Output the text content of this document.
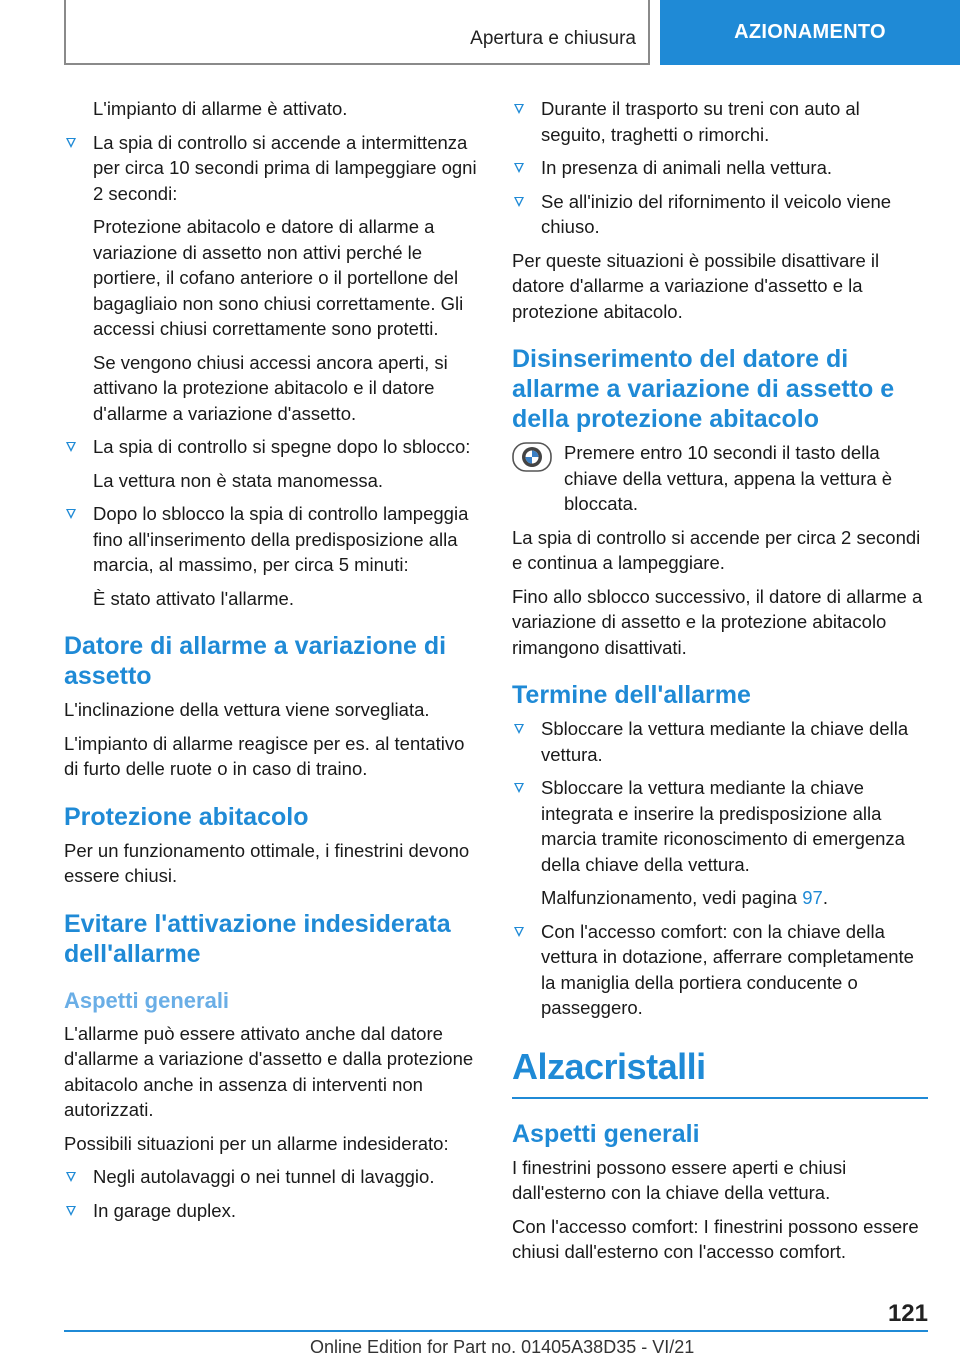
Apertura e chiusura	AZIONAMENTO

L'impianto di allarme è attivato.

La spia di controllo si accende a intermittenza per circa 10 secondi prima di lampeggiare ogni 2 secondi:

Protezione abitacolo e datore di allarme a variazione di assetto non attivi perché le portiere, il cofano anteriore o il portellone del bagagliaio non sono chiusi correttamente. Gli accessi chiusi correttamente sono protetti.

Se vengono chiusi accessi ancora aperti, si attivano la protezione abitacolo e il datore d'allarme a variazione d'assetto.

La spia di controllo si spegne dopo lo sblocco:

La vettura non è stata manomessa.

Dopo lo sblocco la spia di controllo lampeggia fino all'inserimento della predisposizione alla marcia, al massimo, per circa 5 minuti:

È stato attivato l'allarme.

Datore di allarme a variazione di assetto

L'inclinazione della vettura viene sorvegliata.

L'impianto di allarme reagisce per es. al tentativo di furto delle ruote o in caso di traino.

Protezione abitacolo

Per un funzionamento ottimale, i finestrini devono essere chiusi.

Evitare l'attivazione indesiderata dell'allarme
Aspetti generali

L'allarme può essere attivato anche dal datore d'allarme a variazione d'assetto e dalla protezione abitacolo anche in assenza di interventi non autorizzati.

Possibili situazioni per un allarme indesiderato:

Negli autolavaggi o nei tunnel di lavaggio.
In garage duplex.
Durante il trasporto su treni con auto al seguito, traghetti o rimorchi.
In presenza di animali nella vettura.
Se all'inizio del rifornimento il veicolo viene chiuso.

Per queste situazioni è possibile disattivare il datore d'allarme a variazione d'assetto e la protezione abitacolo.

Disinserimento del datore di allarme a variazione di assetto e della protezione abitacolo

Premere entro 10 secondi il tasto della chiave della vettura, appena la vettura è bloccata.

La spia di controllo si accende per circa 2 secondi e continua a lampeggiare.

Fino allo sblocco successivo, il datore di allarme a variazione di assetto e la protezione abitacolo rimangono disattivati.

Termine dell'allarme
Sbloccare la vettura mediante la chiave della vettura.
Sbloccare la vettura mediante la chiave integrata e inserire la predisposizione alla marcia tramite riconoscimento di emergenza della chiave della vettura.

Malfunzionamento, vedi pagina 97.

Con l'accesso comfort: con la chiave della vettura in dotazione, afferrare completamente la maniglia della portiera conducente o passeggero.
Alzacristalli
Aspetti generali

I finestrini possono essere aperti e chiusi dall'esterno con la chiave della vettura.

Con l'accesso comfort: I finestrini possono essere chiusi dall'esterno con l'accesso comfort.

121
Online Edition for Part no. 01405A38D35 - VI/21
